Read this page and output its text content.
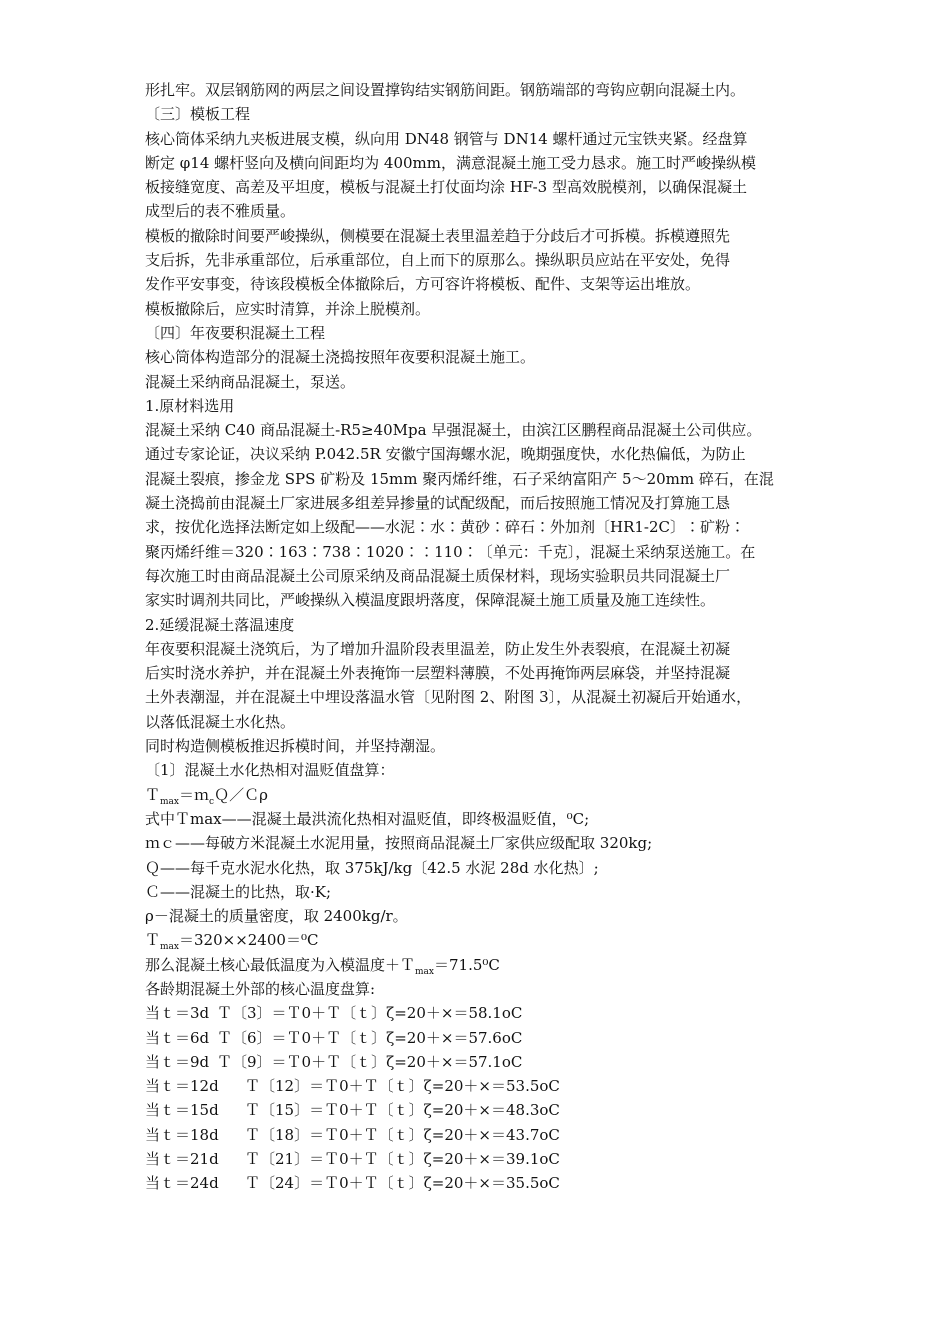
形扎牢。双层钢筋网的两层之间设置撑钩结实钢筋间距。钢筋端部的弯钩应朝向混凝土内。
〔三〕模板工程
核心筒体采纳九夹板进展支模，纵向用 DN48 钢管与 DN14 螺杆通过元宝铁夹紧。经盘算
断定 φ14 螺杆竖向及横向间距均为 400mm，满意混凝土施工受力恳求。施工时严峻操纵模
板接缝宽度、高差及平坦度，模板与混凝土打仗面均涂 HF-3 型高效脱模剂，以确保混凝土
成型后的表不雅质量。
模板的撤除时间要严峻操纵，侧模要在混凝土表里温差趋于分歧后才可拆模。拆模遵照先
支后拆，先非承重部位，后承重部位，自上而下的原那么。操纵职员应站在平安处，免得
发作平安事变，待该段模板全体撤除后，方可容许将模板、配件、支架等运出堆放。
模板撤除后，应实时清算，并涂上脱模剂。
〔四〕年夜要积混凝土工程
核心筒体构造部分的混凝土浇捣按照年夜要积混凝土施工。
混凝土采纳商品混凝土，泵送。
1.原材料选用
混凝土采纳 C40 商品混凝土-R5≥40Mpa 早强混凝土，由滨江区鹏程商品混凝土公司供应。
通过专家论证，决议采纳 P.042.5R 安徽宁国海螺水泥，晚期强度快，水化热偏低，为防止
混凝土裂痕，掺金龙 SPS 矿粉及 15mm 聚丙烯纤维，石子采纳富阳产 5～20mm 碎石，在混
凝土浇捣前由混凝土厂家进展多组差异掺量的试配级配，而后按照施工情况及打算施工恳
求，按优化选择法断定如上级配——水泥∶水∶黄砂∶碎石∶外加剂〔HR1-2C〕∶矿粉∶
聚丙烯纤维＝320∶163∶738∶1020∶∶110∶〔单元：千克〕，混凝土采纳泵送施工。在
每次施工时由商品混凝土公司原采纳及商品混凝土质保材料，现场实验职员共同混凝土厂
家实时调剂共同比，严峻操纵入模温度跟坍落度，保障混凝土施工质量及施工连续性。
2.延缓混凝土落温速度
年夜要积混凝土浇筑后，为了增加升温阶段表里温差，防止发生外表裂痕，在混凝土初凝
后实时浇水养护，并在混凝土外表掩饰一层塑料薄膜，不处再掩饰两层麻袋，并坚持混凝
土外表潮湿，并在混凝土中埋设落温水管〔见附图 2、附图 3〕，从混凝土初凝后开始通水，
以落低混凝土水化热。
同时构造侧模板推迟拆模时间，并坚持潮湿。
〔1〕混凝土水化热相对温贬值盘算：
Ｔ$_{max}$＝ｍ$_c$Ｑ／Ｃρ
式中Ｔmax——混凝土最洪流化热相对温贬值，即终极温贬值，⁰C;
ｍｃ——每破方米混凝土水泥用量，按照商品混凝土厂家供应级配取 320kg;
Ｑ——每千克水泥水化热，取 375kJ/kg〔42.5 水泥 28d 水化热〕;
Ｃ——混凝土的比热，取·K;
ρ－混凝土的质量密度，取 2400kg/r。
Ｔ$_{max}$＝320××2400＝⁰C
那么混凝土核心最低温度为入模温度＋Ｔ$_{max}$＝71.5⁰C
各龄期混凝土外部的核心温度盘算:
当ｔ＝3d Ｔ〔3〕＝Ｔ0＋Ｔ〔ｔ〕ζ=20＋×＝58.1oC
当ｔ＝6d Ｔ〔6〕＝Ｔ0＋Ｔ〔ｔ〕ζ=20＋×＝57.6oC
当ｔ＝9d Ｔ〔9〕＝Ｔ0＋Ｔ〔ｔ〕ζ=20＋×＝57.1oC
当ｔ＝12d Ｔ〔12〕＝Ｔ0＋Ｔ〔ｔ〕ζ=20＋×＝53.5oC
当ｔ＝15d Ｔ〔15〕＝Ｔ0＋Ｔ〔ｔ〕ζ=20＋×＝48.3oC
当ｔ＝18d Ｔ〔18〕＝Ｔ0＋Ｔ〔ｔ〕ζ=20＋×＝43.7oC
当ｔ＝21d Ｔ〔21〕＝Ｔ0＋Ｔ〔ｔ〕ζ=20＋×＝39.1oC
当ｔ＝24d Ｔ〔24〕＝Ｔ0＋Ｔ〔ｔ〕ζ=20＋×＝35.5oC
